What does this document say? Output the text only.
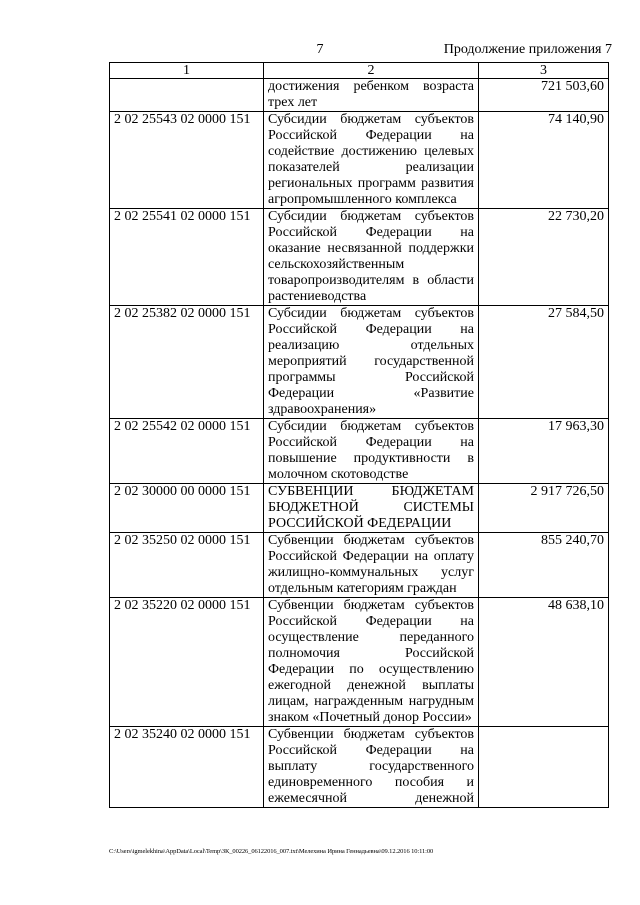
7	Продолжение приложения 7
1	2	3
	достижения ребенком возраста трех лет	721 503,60
2 02 25543 02 0000 151	Субсидии бюджетам субъектов Российской Федерации на содействие достижению целевых показателей реализации региональных программ развития агропромышленного комплекса	74 140,90
2 02 25541 02 0000 151	Субсидии бюджетам субъектов Российской Федерации на оказание несвязанной поддержки сельскохозяйственным товаропроизводителям в области растениеводства	22 730,20
2 02 25382 02 0000 151	Субсидии бюджетам субъектов Российской Федерации на реализацию отдельных мероприятий государственной программы Российской Федерации «Развитие здравоохранения»	27 584,50
2 02 25542 02 0000 151	Субсидии бюджетам субъектов Российской Федерации на повышение продуктивности в молочном скотоводстве	17 963,30
2 02 30000 00 0000 151	СУБВЕНЦИИ БЮДЖЕТАМ БЮДЖЕТНОЙ СИСТЕМЫ РОССИЙСКОЙ ФЕДЕРАЦИИ	2 917 726,50
2 02 35250 02 0000 151	Субвенции бюджетам субъектов Российской Федерации на оплату жилищно-коммунальных услуг отдельным категориям граждан	855 240,70
2 02 35220 02 0000 151	Субвенции бюджетам субъектов Российской Федерации на осуществление переданного полномочия Российской Федерации по осуществлению ежегодной денежной выплаты лицам, награжденным нагрудным знаком «Почетный донор России»	48 638,10
2 02 35240 02 0000 151	Субвенции бюджетам субъектов Российской Федерации на выплату государственного единовременного пособия и ежемесячной денежной	
C:\Users\igmelekhina\AppData\Local\Temp\ЗК_00226_06122016_007.txt\Мелехина Ирина Геннадьевна\09.12.2016 10:11:00
